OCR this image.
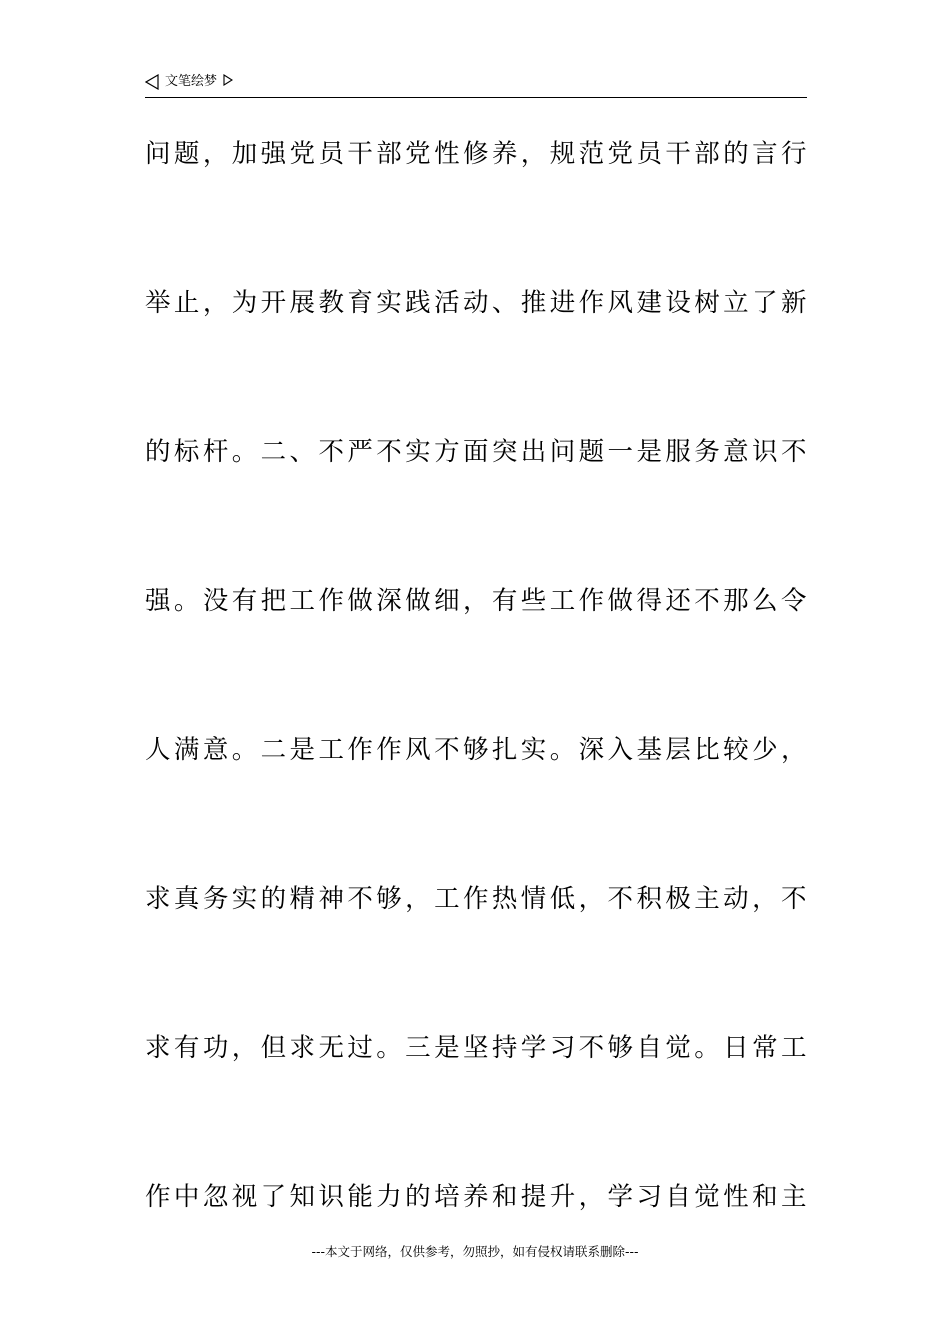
文笔绘梦
问题，加强党员干部党性修养，规范党员干部的言行
举止，为开展教育实践活动、推进作风建设树立了新
的标杆。二、不严不实方面突出问题一是服务意识不
强。没有把工作做深做细，有些工作做得还不那么令
人满意。二是工作作风不够扎实。深入基层比较少，
求真务实的精神不够，工作热情低，不积极主动，不
求有功，但求无过。三是坚持学习不够自觉。日常工
作中忽视了知识能力的培养和提升，学习自觉性和主
---本文于网络，仅供参考，勿照抄，如有侵权请联系删除---
